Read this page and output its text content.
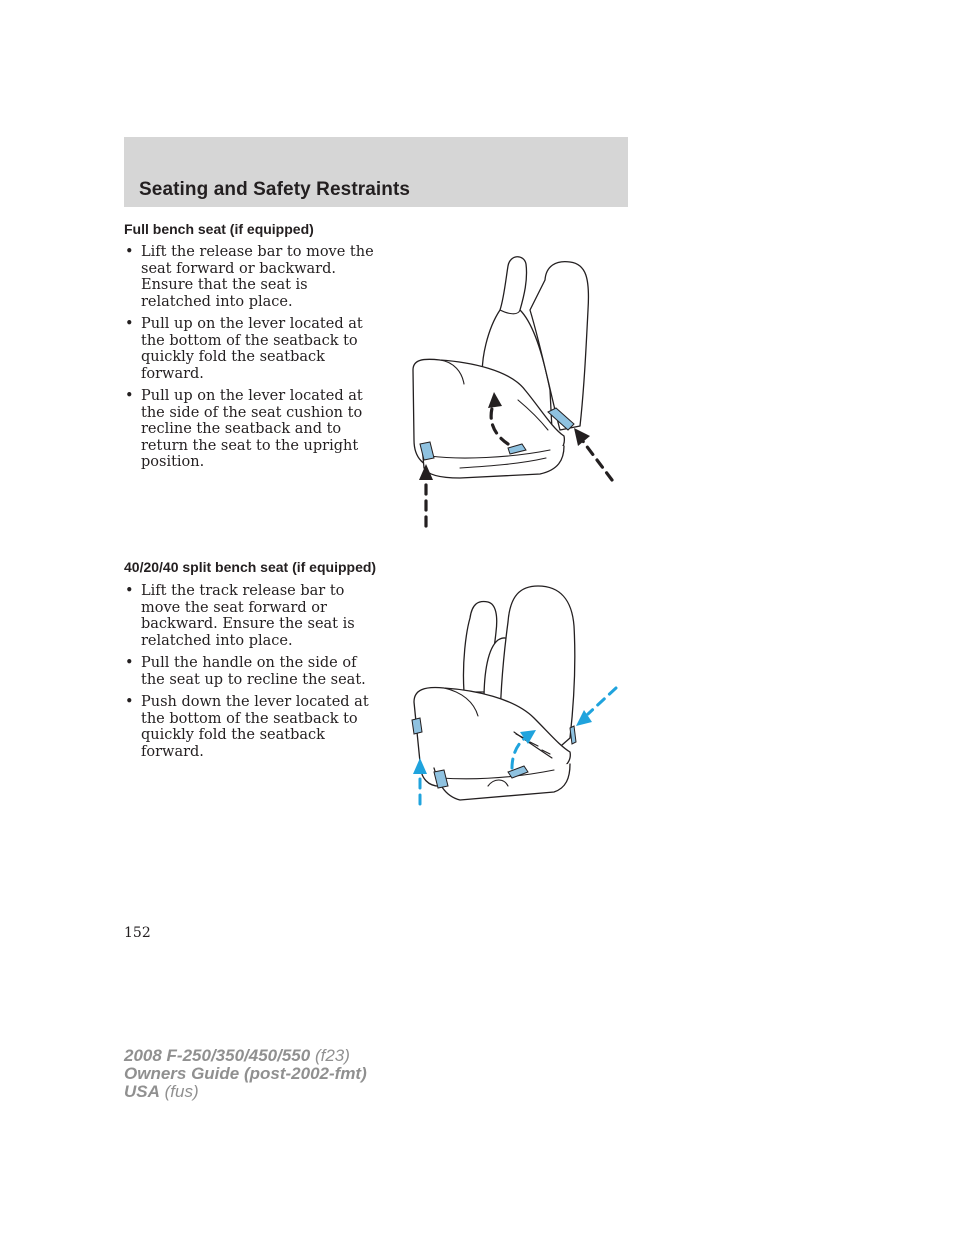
Seating and Safety Restraints
Full bench seat (if equipped)
• Lift the release bar to move the seat forward or backward. Ensure that the seat is relatched into place.
• Pull up on the lever located at the bottom of the seatback to quickly fold the seatback forward.
• Pull up on the lever located at the side of the seat cushion to recline the seatback and to return the seat to the upright position.
40/20/40 split bench seat (if equipped)
• Lift the track release bar to move the seat forward or backward. Ensure the seat is relatched into place.
• Pull the handle on the side of the seat up to recline the seat.
• Push down the lever located at the bottom of the seatback to quickly fold the seatback forward.
152
2008 F-250/350/450/550 (f23)
Owners Guide (post-2002-fmt)
USA (fus)
